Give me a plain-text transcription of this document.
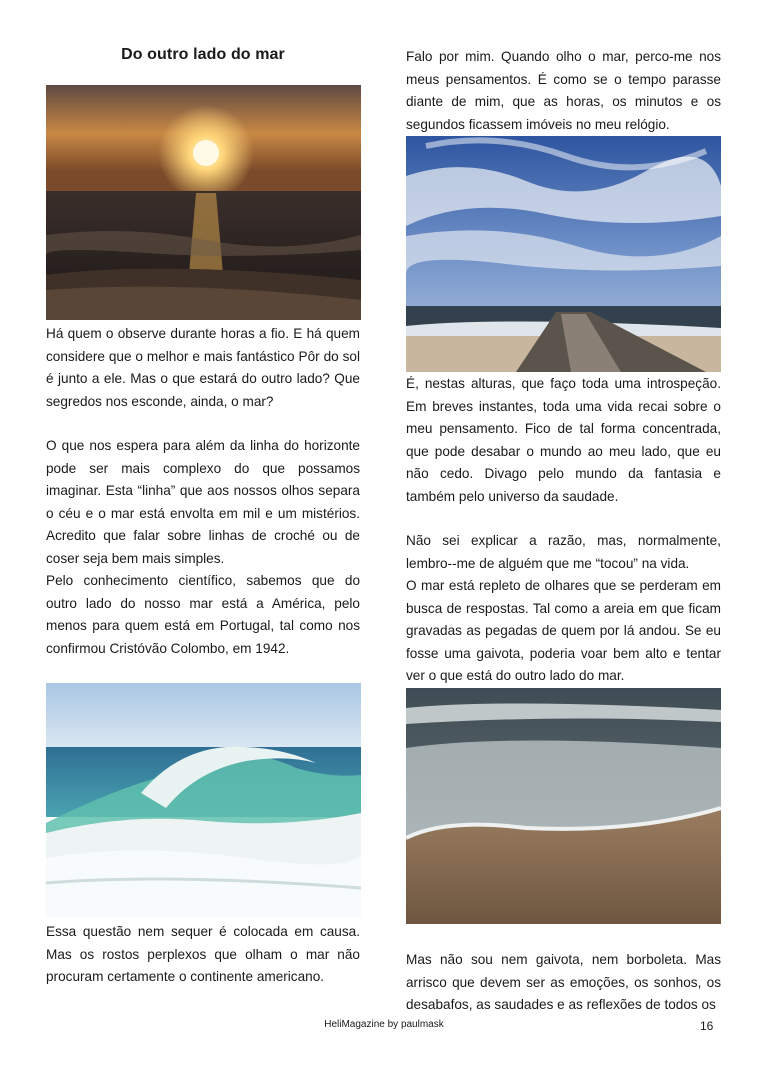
Do outro lado do mar

Há quem o observe durante horas a fio. E há quem considere que o melhor e mais fantástico Pôr do sol é junto a ele. Mas o que estará do outro lado? Que segredos nos esconde, ainda, o mar?

O que nos espera para além da linha do horizonte pode ser mais complexo do que possamos imaginar. Esta “linha” que aos nossos olhos separa o céu e o mar está envolta em mil e um mistérios. Acredito que falar sobre linhas de croché ou de coser seja bem mais simples.

Pelo conhecimento científico, sabemos que do outro lado do nosso mar está a América, pelo menos para quem está em Portugal, tal como nos confirmou Cristóvão Colombo, em 1942.

Essa questão nem sequer é colocada em causa. Mas os rostos perplexos que olham o mar não procuram certamente o continente americano.

Falo por mim. Quando olho o mar, perco-me nos meus pensamentos. É como se o tempo parasse diante de mim, que as horas, os minutos e os segundos ficassem imóveis no meu relógio.

É, nestas alturas, que faço toda uma introspeção. Em breves instantes, toda uma vida recai sobre o meu pensamento. Fico de tal forma concentrada, que pode desabar o mundo ao meu lado, que eu não cedo. Divago pelo mundo da fantasia e também pelo universo da saudade.

Não sei explicar a razão, mas, normalmente, lembro--me de alguém que me “tocou” na vida.

O mar está repleto de olhares que se perderam em busca de respostas. Tal como a areia em que ficam gravadas as pegadas de quem por lá andou. Se eu fosse uma gaivota, poderia voar bem alto e tentar ver o que está do outro lado do mar.

Mas não sou nem gaivota, nem borboleta. Mas arrisco que devem ser as emoções, os sonhos, os desabafos, as saudades e as reflexões de todos os

HeliMagazine by paulmask	16
